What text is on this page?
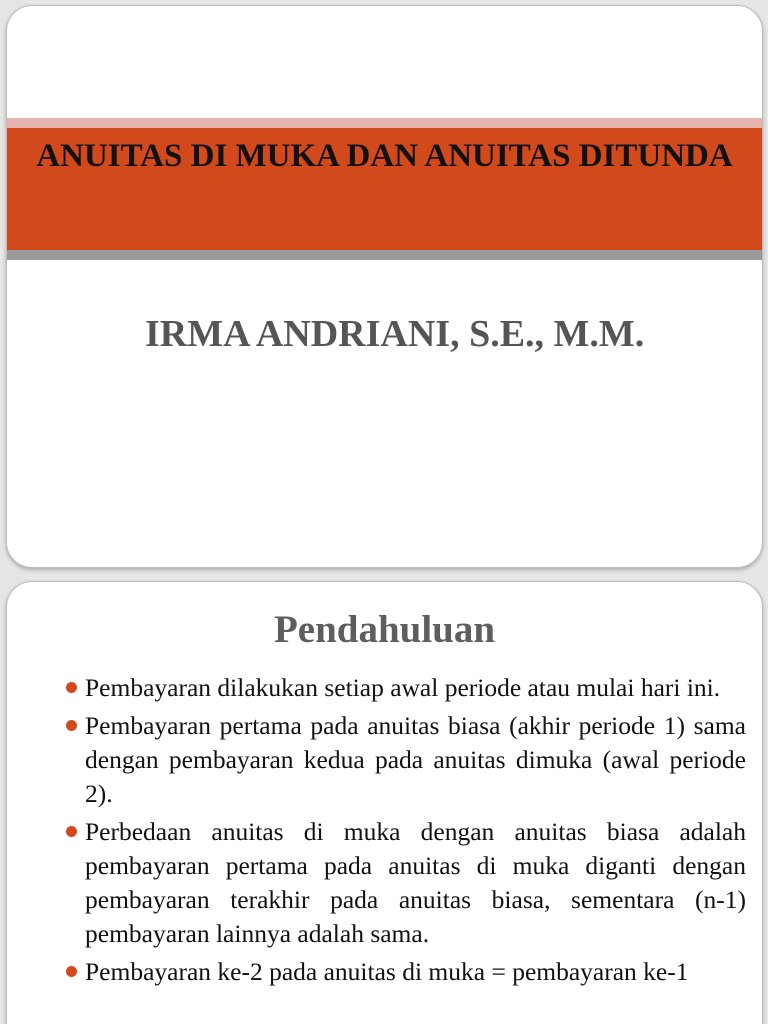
ANUITAS DI MUKA DAN ANUITAS DITUNDA
IRMA ANDRIANI, S.E., M.M.
Pendahuluan
Pembayaran dilakukan setiap awal periode atau mulai hari ini.
Pembayaran pertama pada anuitas biasa (akhir periode 1) sama dengan pembayaran kedua pada anuitas dimuka (awal periode 2).
Perbedaan anuitas di muka dengan anuitas biasa adalah pembayaran pertama pada anuitas di muka diganti dengan pembayaran terakhir pada anuitas biasa, sementara (n-1) pembayaran lainnya adalah sama.
Pembayaran ke-2 pada anuitas di muka = pembayaran ke-1
